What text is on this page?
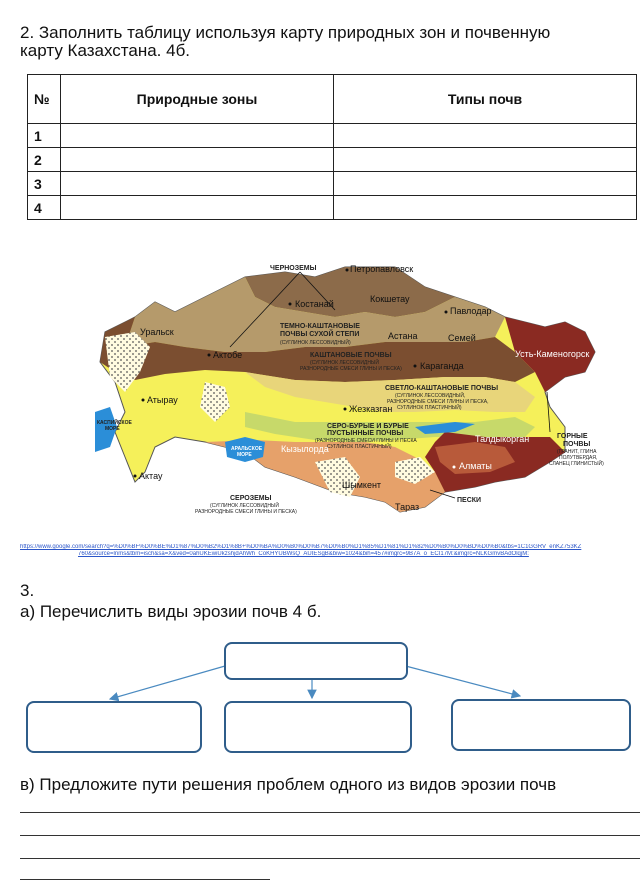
2. Заполнить таблицу используя карту природных зон и почвенную
карту Казахстана. 4б.
№	Природные зоны	Типы почв
1		
2		
3		
4		
ЧЕРНОЗЕМЫ
ТЕМНО-КАШТАНОВЫЕ
ПОЧВЫ СУХОЙ СТЕПИ
(СУГЛИНОК ЛЕССОВИДНЫЙ)
КАШТАНОВЫЕ ПОЧВЫ
(СУГЛИНОК ЛЕССОВИДНЫЙ
РАЗНОРОДНЫЕ СМЕСИ ГЛИНЫ И ПЕСКА)
СВЕТЛО-КАШТАНОВЫЕ ПОЧВЫ
(СУГЛИНОК ЛЕССОВИДНЫЙ,
РАЗНОРОДНЫЕ СМЕСИ ГЛИНЫ И ПЕСКА,
СУГЛИНОК ПЛАСТИЧНЫЙ)
СЕРО-БУРЫЕ И БУРЫЕ
ПУСТЫННЫЕ ПОЧВЫ
(РАЗНОРОДНЫЕ СМЕСИ ГЛИНЫ И ПЕСКА
СУГЛИНОК ПЛАСТИЧНЫЙ)
КАСПИЙСКОЕ
МОРЕ
АРАЛЬСКОЕ
МОРЕ
СЕРОЗЕМЫ
(СУГЛИНОК ЛЕССОВИДНЫЙ
РАЗНОРОДНЫЕ СМЕСИ ГЛИНЫ И ПЕСКА)
ГОРНЫЕ
ПОЧВЫ
(ГРАНИТ, ГЛИНА
ПОЛУТВЕРДАЯ,
СЛАНЕЦ ГЛИНИСТЫЙ)
ПЕСКИ
Петропавловск
Костанай	Кокшетау
Павлодар
Уральск
Актобе
Астана	Семей
Усть-Каменогорск
Караганда
Атырау
Жезказган
Кызылорда
Талдыкорган
Алматы
Шымкент
Тараз
Актау
https://www.google.com/search?q=%D0%BF%D0%BE%D1%87%D0%B2%D1%8B+%D0%BA%D0%B0%D0%B7%D0%B0%D1%85%D1%81%D1%82%D0%B0%D0%BD%D0%B0&tbs=1C1GGRV_enKZ753KZ
760&source=lnms&tbm=isch&sa=X&ved=0ahUKEwiUkzshjdAhWh_CoKHYUBWsQ_AUIESgB&biw=1024&bih=457#imgrc=9B7A_o_ECI17M:&imgrc=NLKGmvBAdOlqjM:
3.
а) Перечислить виды эрозии почв 4 б.
в) Предложите пути решения проблем одного из видов эрозии почв
